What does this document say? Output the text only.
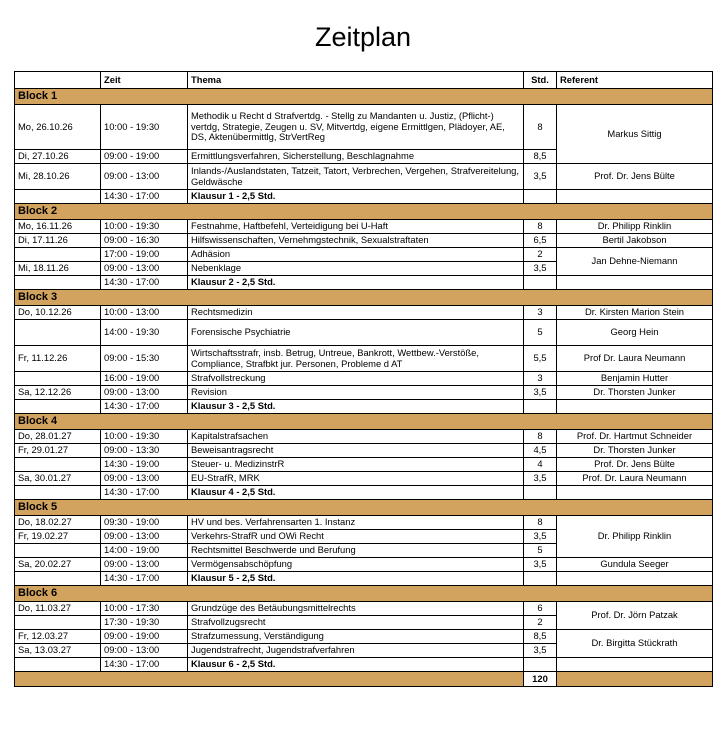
Zeitplan
	Zeit	Thema	Std.	Referent
Block 1				
Mo, 26.10.26	10:00 - 19:30	Methodik u Recht d Strafvertdg. - Stellg zu Mandanten u. Justiz, (Pflicht-) vertdg, Strategie, Zeugen u. SV, Mitvertdg, eigene Ermittlgen, Plädoyer, AE, DS, Aktenübermittlg, StrVertReg	8	Markus Sittig
Di, 27.10.26	09:00 - 19:00	Ermittlungsverfahren, Sicherstellung, Beschlagnahme	8,5	
Mi, 28.10.26	09:00 - 13:00	Inlands-/Auslandstaten, Tatzeit, Tatort, Verbrechen, Vergehen, Strafvereitelung, Geldwäsche	3,5	Prof. Dr. Jens Bülte
	14:30 - 17:00	Klausur 1 - 2,5 Std.		
Block 2				
Mo, 16.11.26	10:00 - 19:30	Festnahme, Haftbefehl, Verteidigung bei U-Haft	8	Dr. Philipp Rinklin
Di, 17.11.26	09:00 - 16:30	Hilfswissenschaften, Vernehmgstechnik, Sexualstraftaten	6,5	Bertil Jakobson
	17:00 - 19:00	Adhäsion	2	Jan Dehne-Niemann
Mi, 18.11.26	09:00 - 13:00	Nebenklage	3,5	
	14:30 - 17:00	Klausur 2 - 2,5 Std.		
Block 3				
Do, 10.12.26	10:00 - 13:00	Rechtsmedizin	3	Dr. Kirsten Marion Stein
	14:00 - 19:30	Forensische Psychiatrie	5	Georg Hein
Fr, 11.12.26	09:00 - 15:30	Wirtschaftsstrafr, insb. Betrug, Untreue, Bankrott, Wettbew.-Verstöße, Compliance, Strafbkt jur. Personen, Probleme d AT	5,5	Prof Dr. Laura Neumann
	16:00 - 19:00	Strafvollstreckung	3	Benjamin Hutter
Sa, 12.12.26	09:00 - 13:00	Revision	3,5	Dr. Thorsten Junker
	14:30 - 17:00	Klausur 3 - 2,5 Std.		
Block 4				
Do, 28.01.27	10:00 - 19:30	Kapitalstrafsachen	8	Prof. Dr. Hartmut Schneider
Fr, 29.01.27	09:00 - 13:30	Beweisantragsrecht	4,5	Dr. Thorsten Junker
	14:30 - 19:00	Steuer- u. MedizinstrR	4	Prof. Dr. Jens Bülte
Sa, 30.01.27	09:00 - 13:00	EU-StrafR, MRK	3,5	Prof. Dr. Laura Neumann
	14:30 - 17:00	Klausur 4 - 2,5 Std.		
Block 5				
Do, 18.02.27	09:30 - 19:00	HV und bes. Verfahrensarten 1. Instanz	8	Dr. Philipp Rinklin
Fr, 19.02.27	09:00 - 13:00	Verkehrs-StrafR und OWi Recht	3,5	
	14:00 - 19:00	Rechtsmittel Beschwerde und Berufung	5	
Sa, 20.02.27	09:00 - 13:00	Vermögensabschöpfung	3,5	Gundula Seeger
	14:30 - 17:00	Klausur 5 - 2,5 Std.		
Block 6				
Do, 11.03.27	10:00 - 17:30	Grundzüge des Betäubungsmittelrechts	6	Prof. Dr. Jörn Patzak
	17:30 - 19:30	Strafvollzugsrecht	2	
Fr, 12.03.27	09:00 - 19:00	Strafzumessung, Verständigung	8,5	Dr. Birgitta Stückrath
Sa, 13.03.27	09:00 - 13:00	Jugendstrafrecht, Jugendstrafverfahren	3,5	
	14:30 - 17:00	Klausur 6 - 2,5 Std.		
			120	
